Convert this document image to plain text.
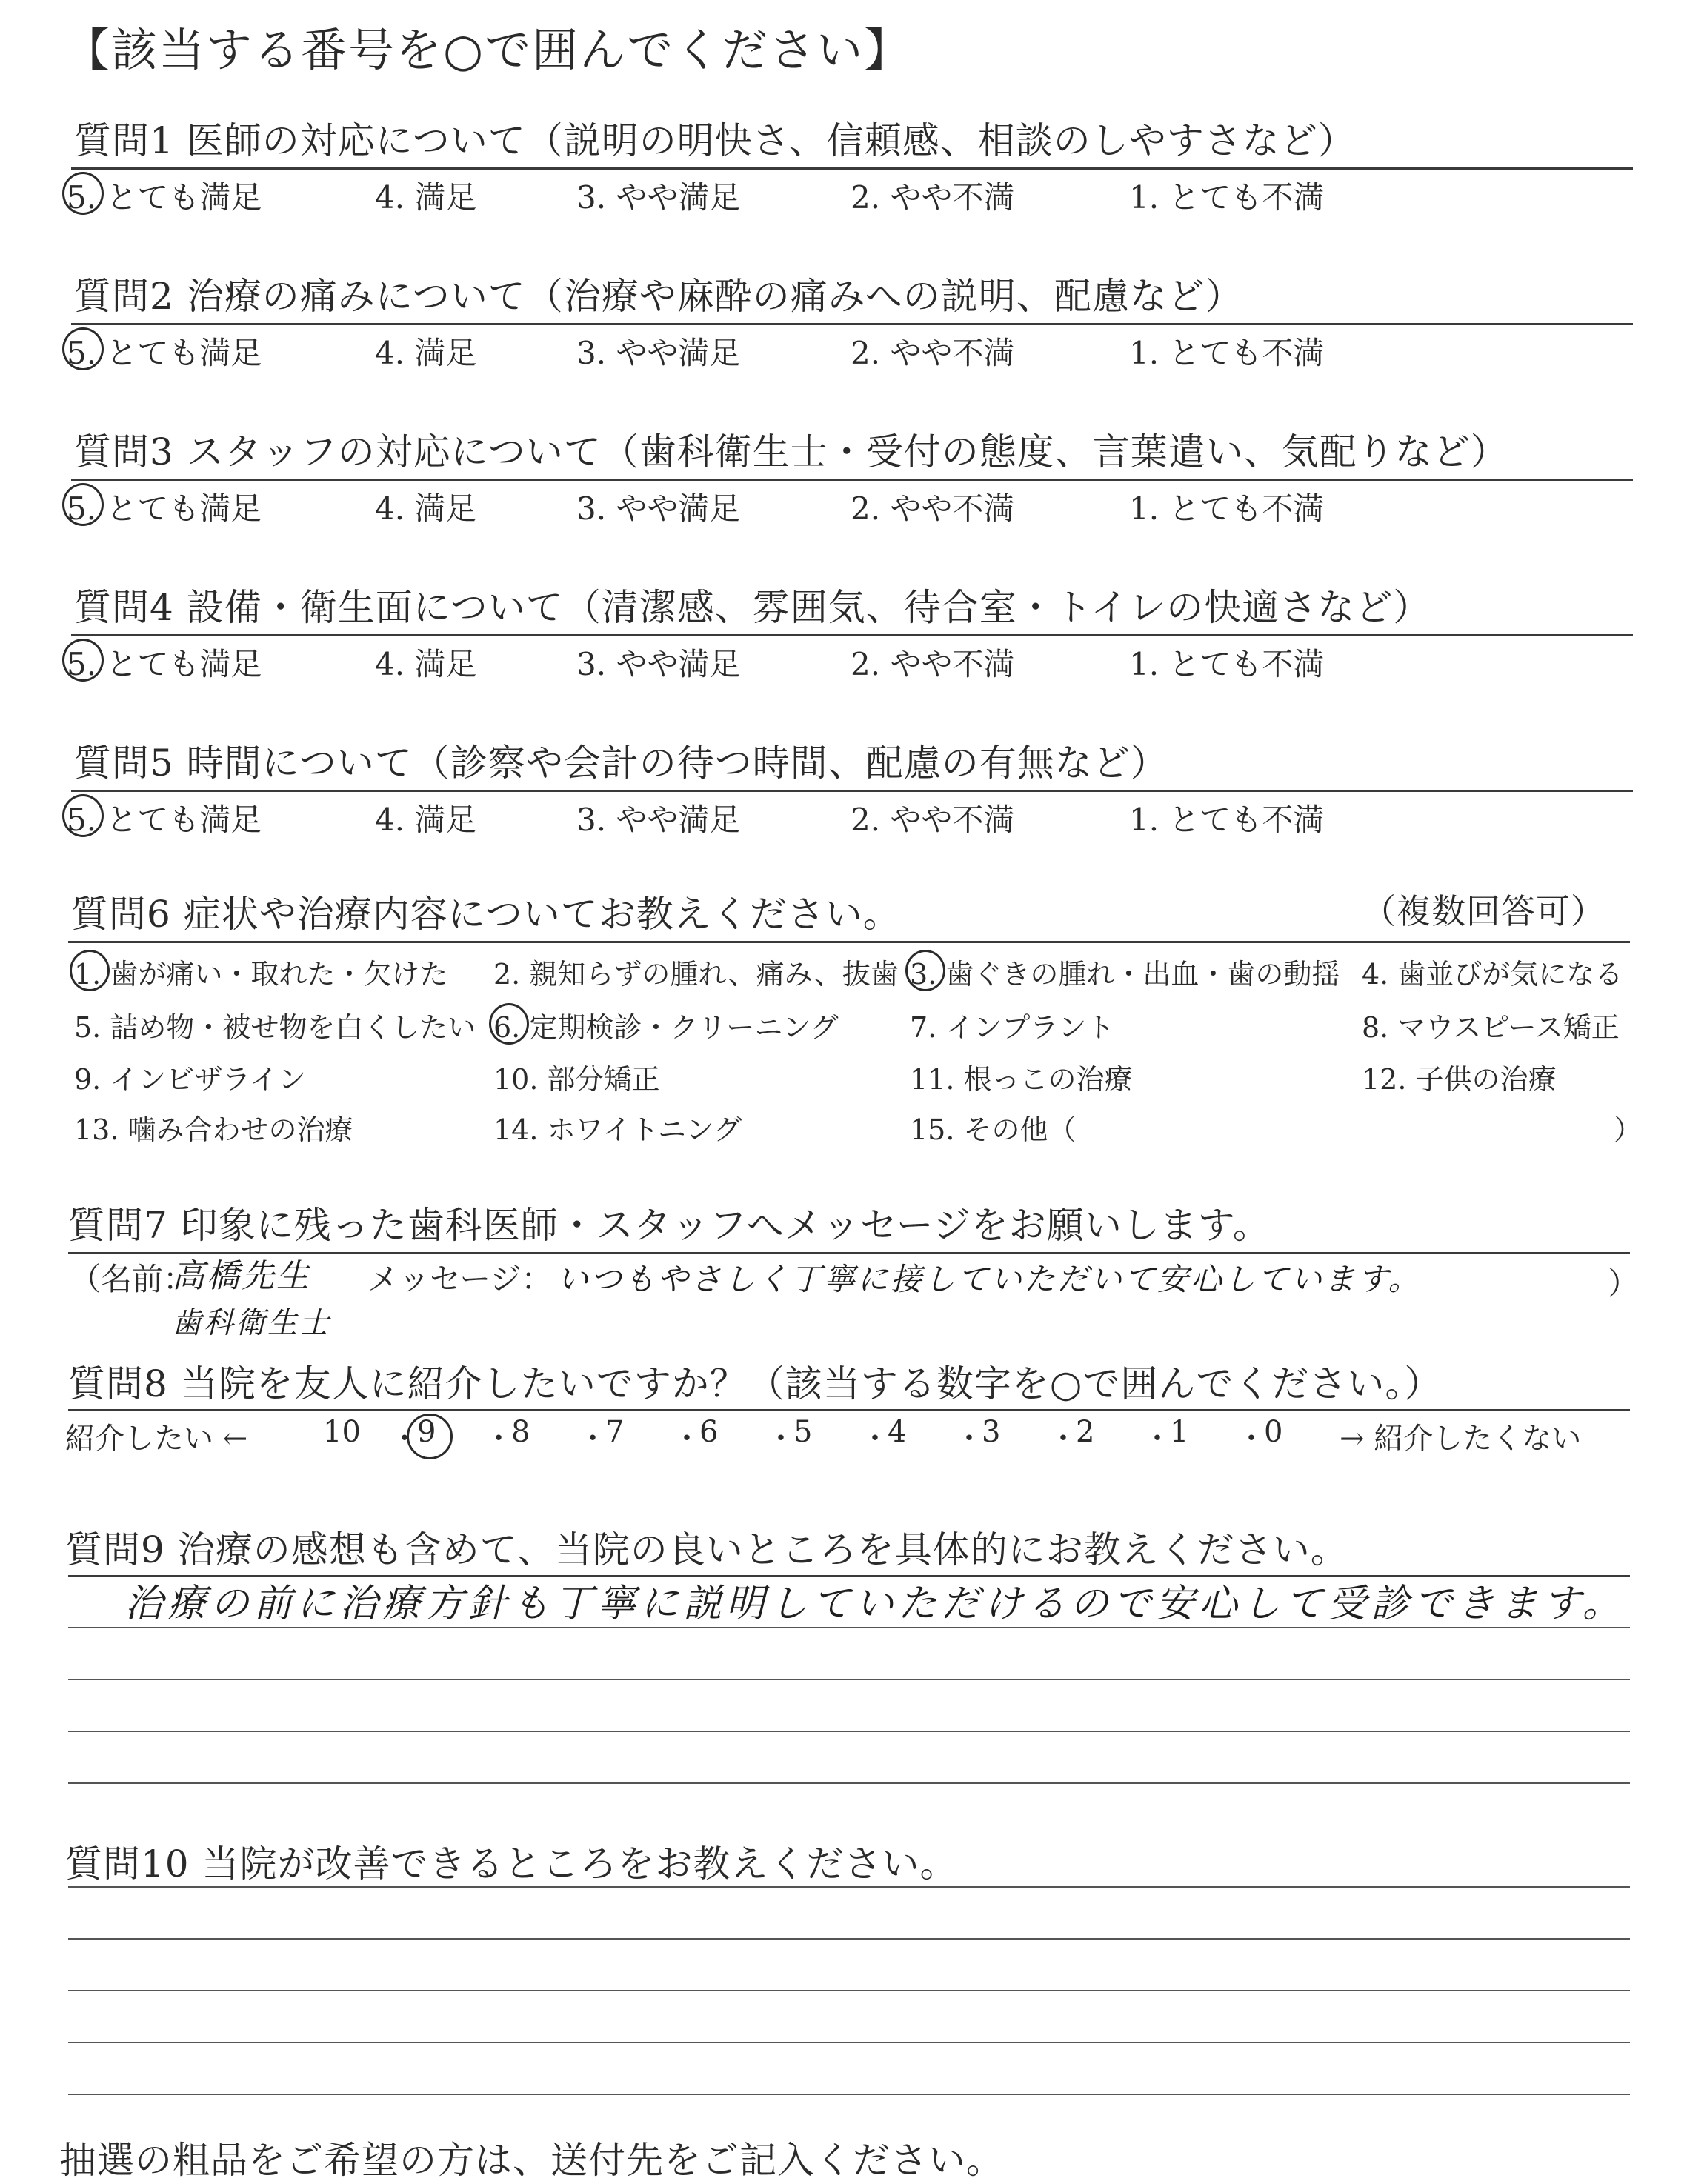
【該当する番号を○で囲んでください】
質問1 医師の対応について（説明の明快さ、信頼感、相談のしやすさなど）
5. とても満足	4. 満足	3. やや満足	2. やや不満	1. とても不満
質問2 治療の痛みについて（治療や麻酔の痛みへの説明、配慮など）
5. とても満足	4. 満足	3. やや満足	2. やや不満	1. とても不満
質問3 スタッフの対応について（歯科衛生士・受付の態度、言葉遣い、気配りなど）
5. とても満足	4. 満足	3. やや満足	2. やや不満	1. とても不満
質問4 設備・衛生面について（清潔感、雰囲気、待合室・トイレの快適さなど）
5. とても満足	4. 満足	3. やや満足	2. やや不満	1. とても不満
質問5 時間について（診察や会計の待つ時間、配慮の有無など）
5. とても満足	4. 満足	3. やや満足	2. やや不満	1. とても不満
質問6 症状や治療内容についてお教えください。	（複数回答可）
1. 歯が痛い・取れた・欠けた 2. 親知らずの腫れ、痛み、抜歯 3. 歯ぐきの腫れ・出血・歯の動揺 4. 歯並びが気になる
5. 詰め物・被せ物を白くしたい 6. 定期検診・クリーニング	7. インプラント	8. マウスピース矯正
9. インビザライン	10. 部分矯正	11. 根っこの治療	12. 子供の治療
13. 噛み合わせの治療	14. ホワイトニング	15. その他（	）
質問7 印象に残った歯科医師・スタッフへメッセージをお願いします。
（名前：
高橋先生
歯科衛生士
メッセージ： いつもやさしく丁寧に接していただいて安心しています。	）
質問8 当院を友人に紹介したいですか？（該当する数字を○で囲んでください。）
紹介したい ←	10 ・
9 ・
8 ・
7 ・
6 ・
5 ・
4 ・
3 ・
2 ・
1 ・
0 → 紹介したくない
質問9 治療の感想も含めて、当院の良いところを具体的にお教えください。
治療の前に治療方針も丁寧に説明していただけるので安心して受診できます。
質問10 当院が改善できるところをお教えください。
抽選の粗品をご希望の方は、送付先をご記入ください。
